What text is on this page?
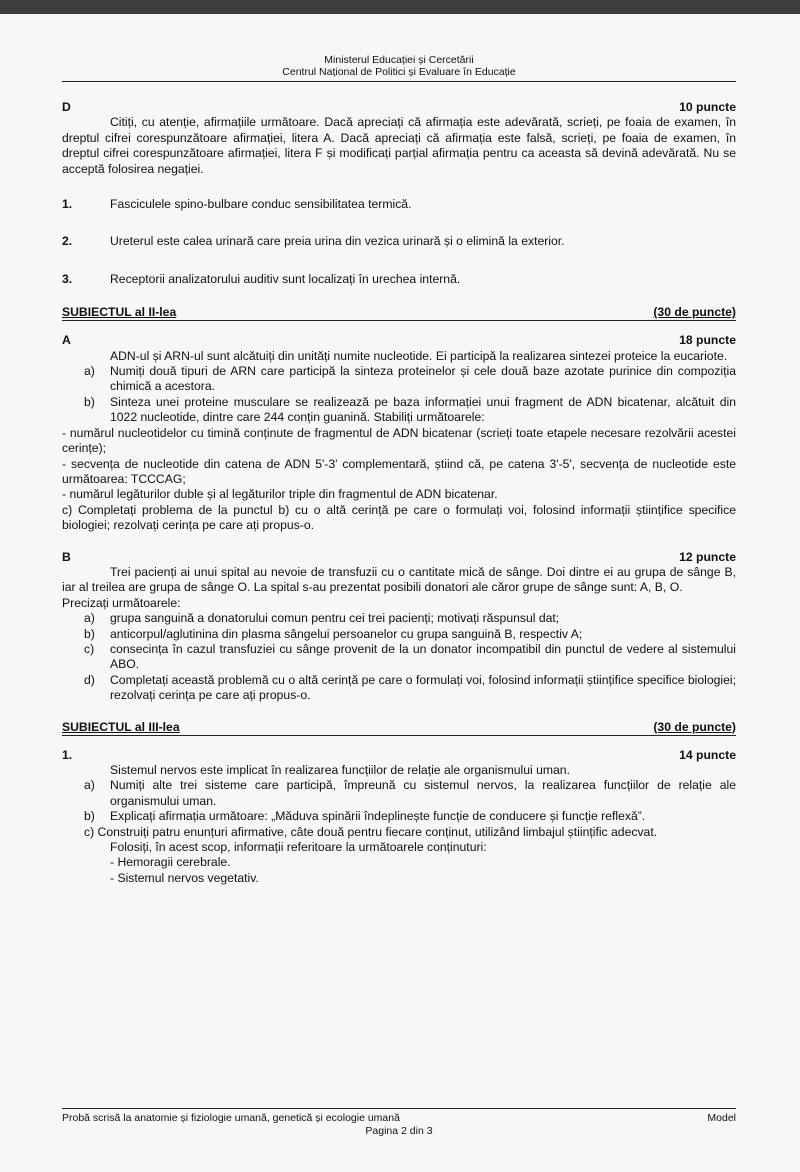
Ministerul Educației și Cercetării
Centrul Național de Politici și Evaluare în Educație
D	10 puncte

Citiți, cu atenție, afirmațiile următoare. Dacă apreciați că afirmația este adevărată, scrieți, pe foaia de examen, în dreptul cifrei corespunzătoare afirmației, litera A. Dacă apreciați că afirmația este falsă, scrieți, pe foaia de examen, în dreptul cifrei corespunzătoare afirmației, litera F și modificați parțial afirmația pentru ca aceasta să devină adevărată. Nu se acceptă folosirea negației.

1.	Fasciculele spino-bulbare conduc sensibilitatea termică.
2.	Ureterul este calea urinară care preia urina din vezica urinară și o elimină la exterior.
3.	Receptorii analizatorului auditiv sunt localizați în urechea internă.
SUBIECTUL al II-lea	(30 de puncte)
A	18 puncte

ADN-ul și ARN-ul sunt alcătuiți din unități numite nucleotide. Ei participă la realizarea sintezei proteice la eucariote.

a)	Numiți două tipuri de ARN care participă la sinteza proteinelor și cele două baze azotate purinice din compoziția chimică a acestora.
b)	Sinteza unei proteine musculare se realizează pe baza informației unui fragment de ADN bicatenar, alcătuit din 1022 nucleotide, dintre care 244 conțin guanină. Stabiliți următoarele:

- numărul nucleotidelor cu timină conținute de fragmentul de ADN bicatenar (scrieți toate etapele necesare rezolvării acestei cerințe);

- secvența de nucleotide din catena de ADN 5'-3' complementară, știind că, pe catena 3'-5', secvența de nucleotide este următoarea: TCCCAG;

- numărul legăturilor duble și al legăturilor triple din fragmentul de ADN bicatenar.

c) Completați problema de la punctul b) cu o altă cerință pe care o formulați voi, folosind informații științifice specifice biologiei; rezolvați cerința pe care ați propus-o.

B	12 puncte

Trei pacienți ai unui spital au nevoie de transfuzii cu o cantitate mică de sânge. Doi dintre ei au grupa de sânge B, iar al treilea are grupa de sânge O. La spital s-au prezentat posibili donatori ale căror grupe de sânge sunt: A, B, O.

Precizați următoarele:

a)	grupa sanguină a donatorului comun pentru cei trei pacienți; motivați răspunsul dat;
b)	anticorpul/aglutinina din plasma sângelui persoanelor cu grupa sanguină B, respectiv A;
c)	consecința în cazul transfuziei cu sânge provenit de la un donator incompatibil din punctul de vedere al sistemului ABO.
d)	Completați această problemă cu o altă cerință pe care o formulați voi, folosind informații științifice specifice biologiei; rezolvați cerința pe care ați propus-o.
SUBIECTUL al III-lea	(30 de puncte)
1.	14 puncte

Sistemul nervos este implicat în realizarea funcțiilor de relație ale organismului uman.

a)	Numiți alte trei sisteme care participă, împreună cu sistemul nervos, la realizarea funcțiilor de relație ale organismului uman.
b)	Explicați afirmația următoare: „Măduva spinării îndeplinește funcție de conducere și funcție reflexă”.

c) Construiți patru enunțuri afirmative, câte două pentru fiecare conținut, utilizând limbajul științific adecvat.

Folosiți, în acest scop, informații referitoare la următoarele conținuturi:

- Hemoragii cerebrale.

- Sistemul nervos vegetativ.

Probă scrisă la anatomie și fiziologie umană, genetică și ecologie umană	Model
Pagina 2 din 3
